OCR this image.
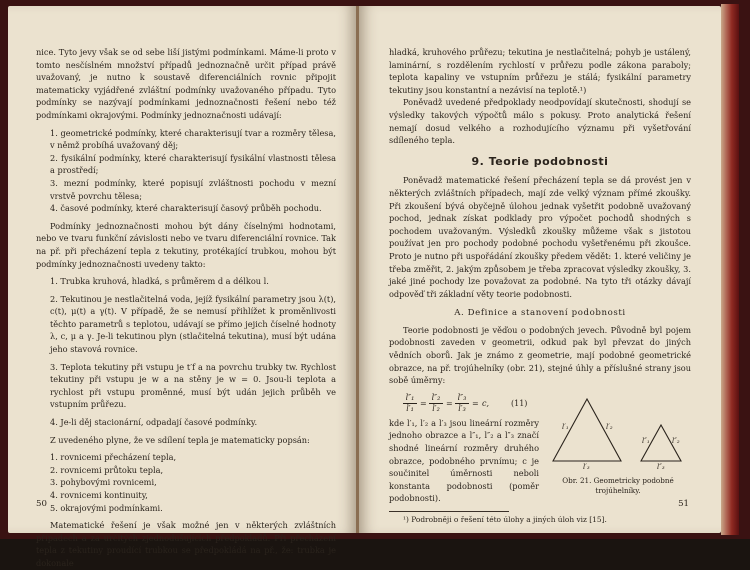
nice. Tyto jevy však se od sebe liší jistými podmínkami. Máme-li proto v tomto nesčíslném množství případů jednoznačně určit případ právě uvažovaný, je nutno k soustavě diferenciálních rovnic připojit matematicky vyjádřené zvláštní podmínky uvažovaného případu. Tyto podmínky se nazývají podmínkami jednoznačnosti řešení nebo též podmínkami okrajovými. Podmínky jednoznačnosti udávají:

1. geometrické podmínky, které charakterisují tvar a rozměry tělesa, v němž probíhá uvažovaný děj;

2. fysikální podmínky, které charakterisují fysikální vlastnosti tělesa a prostředí;

3. mezní podmínky, které popisují zvláštnosti pochodu v mezní vrstvě povrchu tělesa;

4. časové podmínky, které charakterisují časový průběh pochodu.

Podmínky jednoznačnosti mohou být dány číselnými hodnotami, nebo ve tvaru funkční závislosti nebo ve tvaru diferenciální rovnice. Tak na př. při přecházení tepla z tekutiny, protékající trubkou, mohou být podmínky jednoznačnosti uvedeny takto:

1. Trubka kruhová, hladká, s průměrem d a délkou l.

2. Tekutinou je nestlačitelná voda, jejíž fysikální parametry jsou λ(t), c(t), μ(t) a γ(t). V případě, že se nemusí přihlížet k proměnlivosti těchto parametrů s teplotou, udávají se přímo jejich číselné hodnoty λ, c, μ a γ. Je-li tekutinou plyn (stlačitelná tekutina), musí být udána jeho stavová rovnice.

3. Teplota tekutiny při vstupu je t′f a na povrchu trubky tw. Rychlost tekutiny při vstupu je w a na stěny je w = 0. Jsou-li teplota a rychlost při vstupu proměnné, musí být udán jejich průběh ve vstupním průřezu.

4. Je-li děj stacionární, odpadají časové podmínky.

Z uvedeného plyne, že ve sdílení tepla je matematicky popsán:

1. rovnicemi přecházení tepla,

2. rovnicemi průtoku tepla,

3. pohybovými rovnicemi,

4. rovnicemi kontinuity,

5. okrajovými podmínkami.

Matematické řešení je však možné jen v některých zvláštních případech a za určitých zjednodušujících předpokladů. Při přecházení tepla z tekutiny proudící trubkou se předpokládá na př., že: trubka je dokonale

50

hladká, kruhového průřezu; tekutina je nestlačitelná; pohyb je ustálený, laminární, s rozdělením rychlostí v průřezu podle zákona paraboly; teplota kapaliny ve vstupním průřezu je stálá; fysikální parametry tekutiny jsou konstantní a nezávisí na teplotě.¹)

Poněvadž uvedené předpoklady neodpovídají skutečnosti, shodují se výsledky takových výpočtů málo s pokusy. Proto analytická řešení nemají dosud velkého a rozhodujícího významu při vyšetřování sdíleného tepla.

9. Teorie podobnosti

Poněvadž matematické řešení přecházení tepla se dá provést jen v některých zvláštních případech, mají zde velký význam přímé zkoušky. Při zkoušení bývá obyčejně úlohou jednak vyšetřit podobně uvažovaný pochod, jednak získat podklady pro výpočet pochodů shodných s pochodem uvažovaným. Výsledků zkoušky můžeme však s jistotou používat jen pro pochody podobné pochodu vyšetřenému při zkoušce. Proto je nutno při uspořádání zkoušky předem vědět: 1. které veličiny je třeba změřit, 2. jakým způsobem je třeba zpracovat výsledky zkoušky, 3. jaké jiné pochody lze považovat za podobné. Na tyto tři otázky dávají odpověď tři základní věty teorie podobnosti.

A. Definice a stanovení podobnosti

Teorie podobnosti je věďou o podobných jevech. Původně byl pojem podobnosti zaveden v geometrii, odkud pak byl převzat do jiných vědních oborů. Jak je známo z geometrie, mají podobné geometrické obrazce, na př. trojúhelníky (obr. 21), stejné úhly a příslušné strany jsou sobě úměrny:

$\frac{\text{l″₁}}{\text{l′₁}} = \frac{\text{l″₂}}{\text{l′₂}} = \frac{\text{l″₃}}{\text{l′₃}} = c$,	(11)

kde l′₁, l′₂ a l′₃ jsou lineární rozměry jednoho obrazce a l″₁, l″₂ a l″₃ značí shodné lineární rozměry druhého obrazce, podobného prvnímu; c je součinitel úměrnosti neboli konstanta podobnosti (poměr podobnosti).

l′₁	l′₂
l′₃
l″₁	l″₂
l″₃
Obr. 21. Geometricky podobné trojúhelníky.

¹) Podrobněji o řešení této úlohy a jiných úloh viz [15].

51
